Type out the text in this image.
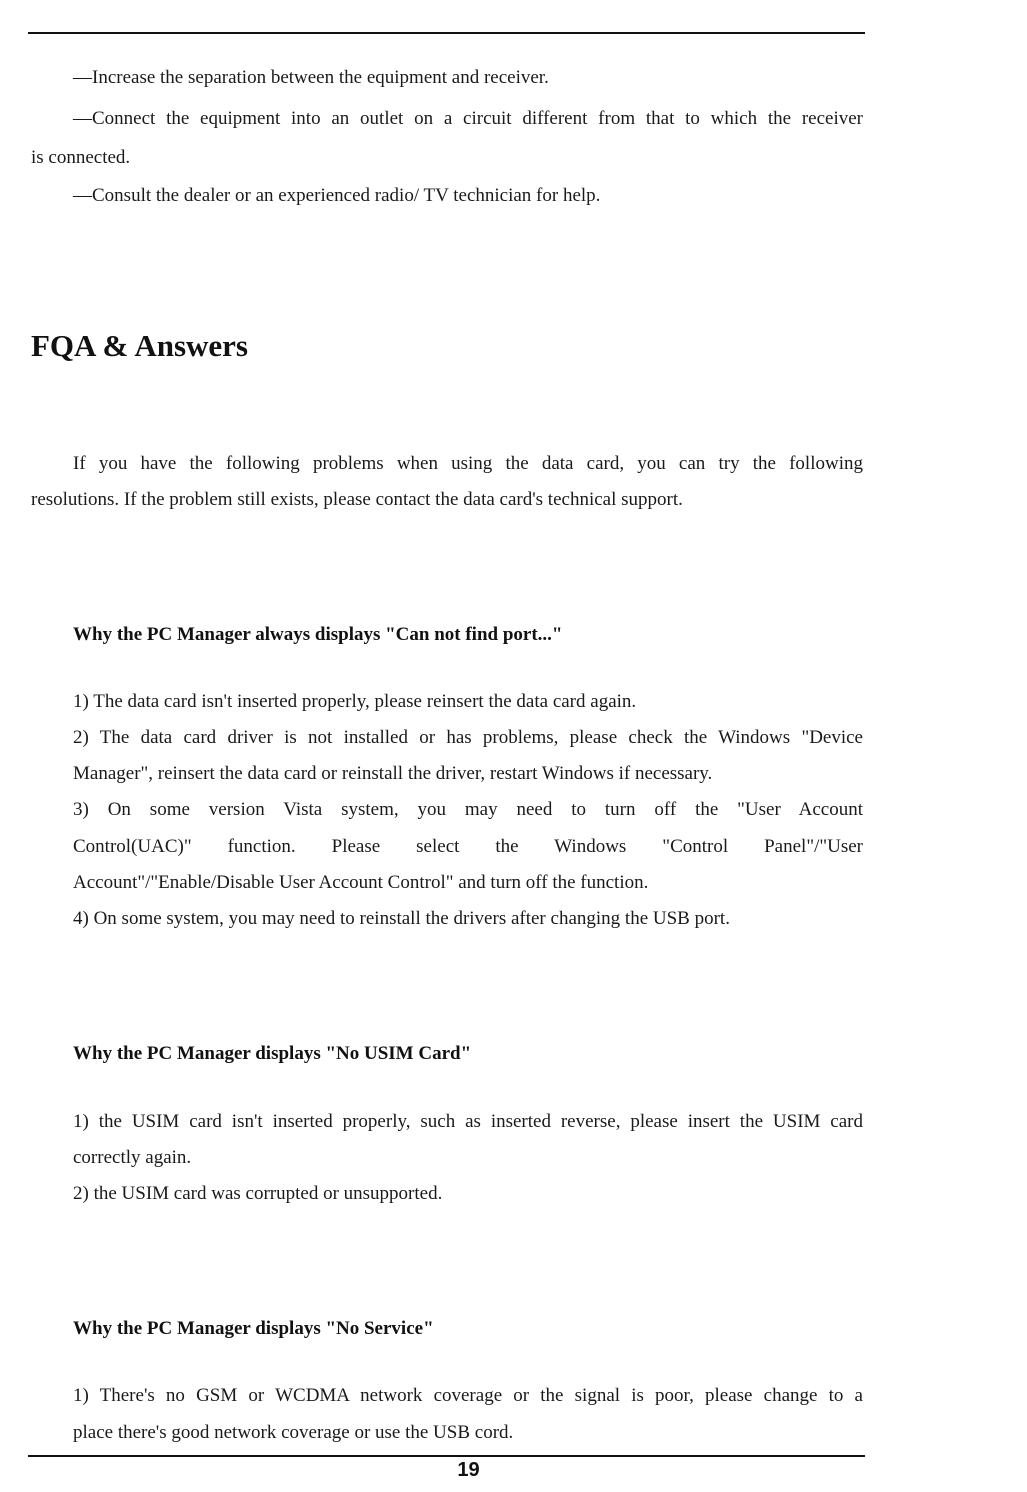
—Increase the separation between the equipment and receiver.

—Connect the equipment into an outlet on a circuit different from that to which the receiver

is connected.

—Consult the dealer or an experienced radio/ TV technician for help.

FQA & Answers

If you have the following problems when using the data card, you can try the following

resolutions. If the problem still exists, please contact the data card's technical support.

Why the PC Manager always displays "Can not find port..."

1) The data card isn't inserted properly, please reinsert the data card again.

2) The data card driver is not installed or has problems, please check the Windows "Device

Manager", reinsert the data card or reinstall the driver, restart Windows if necessary.

3) On some version Vista system, you may need to turn off the "User Account

Control(UAC)" function. Please select the Windows "Control Panel"/"User

Account"/"Enable/Disable User Account Control" and turn off the function.

4) On some system, you may need to reinstall the drivers after changing the USB port.

Why the PC Manager displays "No USIM Card"

1) the USIM card isn't inserted properly, such as inserted reverse, please insert the USIM card

correctly again.

2) the USIM card was corrupted or unsupported.

Why the PC Manager displays "No Service"

1) There's no GSM or WCDMA network coverage or the signal is poor, please change to a

place there's good network coverage or use the USB cord.

19
